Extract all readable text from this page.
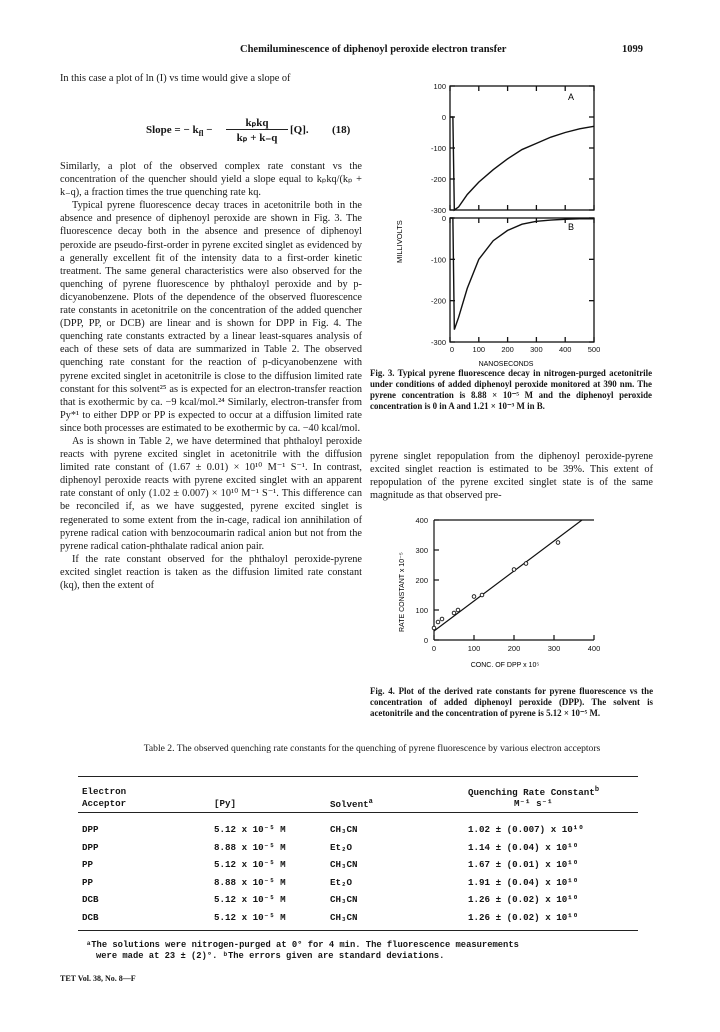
Chemiluminescence of diphenoyl peroxide electron transfer	1099

In this case a plot of ln (I) vs time would give a slope of

Slope = − $k_{fl}$ −
kₚkq
kₚ + k₋q
[Q]. (18)

Similarly, a plot of the observed complex rate constant vs the concentration of the quencher should yield a slope equal to kₚkq/(kₚ + k₋q), a fraction times the true quenching rate kq.

Typical pyrene fluorescence decay traces in acetonitrile both in the absence and presence of diphenoyl peroxide are shown in Fig. 3. The fluorescence decay both in the absence and presence of diphenoyl peroxide are pseudo-first-order in pyrene excited singlet as evidenced by a generally excellent fit of the intensity data to a first-order kinetic treatment. The same general characteristics were also observed for the quenching of pyrene fluorescence by phthaloyl peroxide and by p-dicyanobenzene. Plots of the dependence of the observed fluorescence rate constants in acetonitrile on the concentration of the added quencher (DPP, PP, or DCB) are linear and is shown for DPP in Fig. 4. The quenching rate constants extracted by a linear least-squares analysis of each of these sets of data are summarized in Table 2. The observed quenching rate constant for the reaction of p-dicyanobenzene with pyrene excited singlet in acetonitrile is close to the diffusion limited rate constant for this solvent²⁵ as is expected for an electron-transfer reaction that is exothermic by ca. −9 kcal/mol.²⁴ Similarly, electron-transfer from Py*¹ to either DPP or PP is expected to occur at a diffusion limited rate since both processes are estimated to be exothermic by ca. −40 kcal/mol.

As is shown in Table 2, we have determined that phthaloyl peroxide reacts with pyrene excited singlet in acetonitrile with the diffusion limited rate constant of (1.67 ± 0.01) × 10¹⁰ M⁻¹ S⁻¹. In contrast, diphenoyl peroxide reacts with pyrene excited singlet with an apparent rate constant of only (1.02 ± 0.007) × 10¹⁰ M⁻¹ S⁻¹. This difference can be reconciled if, as we have suggested, pyrene excited singlet is regenerated to some extent from the in-cage, radical ion annihilation of pyrene radical cation with benzocoumarin radical anion but not from the pyrene radical cation-phthalate radical anion pair.

If the rate constant observed for the phthaloyl peroxide-pyrene excited singlet reaction is taken as the diffusion limited rate constant (kq), then the extent of

MILLIVOLTS
NANOSECONDS
A
B
100
0
-100
-200
-300
0
-100
-200
-300
0 100 200 300 400 500
Fig. 3. Typical pyrene fluorescence decay in nitrogen-purged acetonitrile under conditions of added diphenoyl peroxide monitored at 390 nm. The pyrene concentration is 8.88 × 10⁻⁵ M and the diphenoyl peroxide concentration is 0 in A and 1.21 × 10⁻³ M in B.
pyrene singlet repopulation from the diphenoyl peroxide-pyrene excited singlet reaction is estimated to be 39%. This extent of repopulation of the pyrene excited singlet state is of the same magnitude as that observed pre-
RATE CONSTANT x 10⁻⁵
CONC. OF DPP x 10⁵
0
0
100
100
200
200
300
300
400
400
Fig. 4. Plot of the derived rate constants for pyrene fluorescence vs the concentration of added diphenoyl peroxide (DPP). The solvent is acetonitrile and the concentration of pyrene is 5.12 × 10⁻⁵ M.
Table 2. The observed quenching rate constants for the quenching of pyrene fluorescence by various electron acceptors
Electron
Acceptor	[Py]	Solvent$^a$
Quenching Rate Constant$^b$
M⁻¹ s⁻¹
DPP	5.12 x 10⁻⁵ M	CH₃CN	1.02 ± (0.007) x 10¹⁰
DPP	8.88 x 10⁻⁵ M	Et₂O	1.14 ± (0.04) x 10¹⁰
PP	5.12 x 10⁻⁵ M	CH₃CN	1.67 ± (0.01) x 10¹⁰
PP	8.88 x 10⁻⁵ M	Et₂O	1.91 ± (0.04) x 10¹⁰
DCB	5.12 x 10⁻⁵ M	CH₃CN	1.26 ± (0.02) x 10¹⁰
DCB	5.12 x 10⁻⁵ M	CH₃CN	1.26 ± (0.02) x 10¹⁰
ᵃThe solutions were nitrogen-purged at 0° for 4 min. The fluorescence measurements
were made at 23 ± (2)°. ᵇThe errors given are standard deviations.
TET Vol. 38, No. 8—F
